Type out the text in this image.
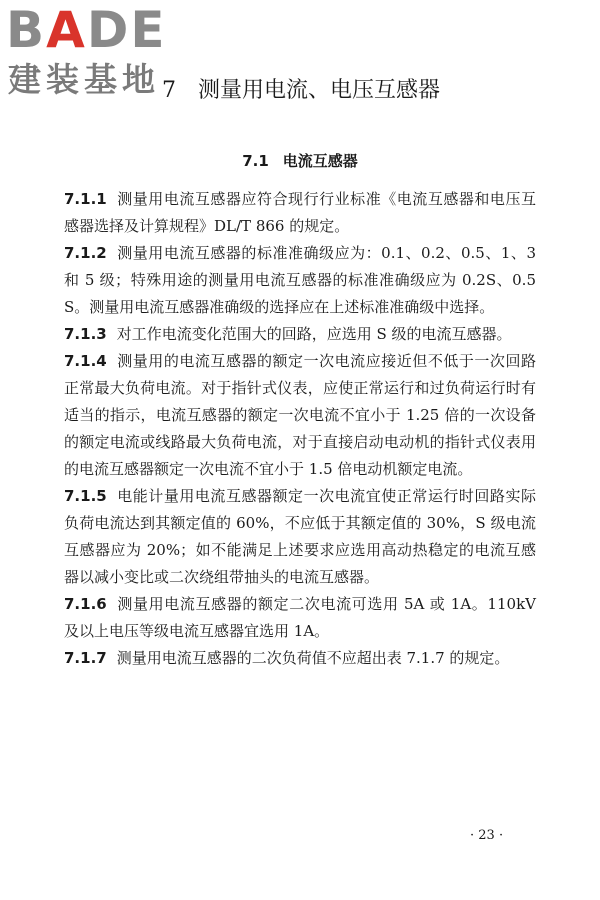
BADE
建装基地 7　测量用电流、电压互感器
7.1 电流互感器

7.1.1 测量用电流互感器应符合现行行业标准《电流互感器和电压互感器选择及计算规程》DL/T 866 的规定。

7.1.2 测量用电流互感器的标准准确级应为：0.1、0.2、0.5、1、3 和 5 级；特殊用途的测量用电流互感器的标准准确级应为 0.2S、0.5S。测量用电流互感器准确级的选择应在上述标准准确级中选择。

7.1.3 对工作电流变化范围大的回路，应选用 S 级的电流互感器。

7.1.4 测量用的电流互感器的额定一次电流应接近但不低于一次回路正常最大负荷电流。对于指针式仪表，应使正常运行和过负荷运行时有适当的指示，电流互感器的额定一次电流不宜小于 1.25 倍的一次设备的额定电流或线路最大负荷电流，对于直接启动电动机的指针式仪表用的电流互感器额定一次电流不宜小于 1.5 倍电动机额定电流。

7.1.5 电能计量用电流互感器额定一次电流宜使正常运行时回路实际负荷电流达到其额定值的 60%，不应低于其额定值的 30%，S 级电流互感器应为 20%；如不能满足上述要求应选用高动热稳定的电流互感器以减小变比或二次绕组带抽头的电流互感器。

7.1.6 测量用电流互感器的额定二次电流可选用 5A 或 1A。110kV 及以上电压等级电流互感器宜选用 1A。

7.1.7 测量用电流互感器的二次负荷值不应超出表 7.1.7 的规定。

· 23 ·
